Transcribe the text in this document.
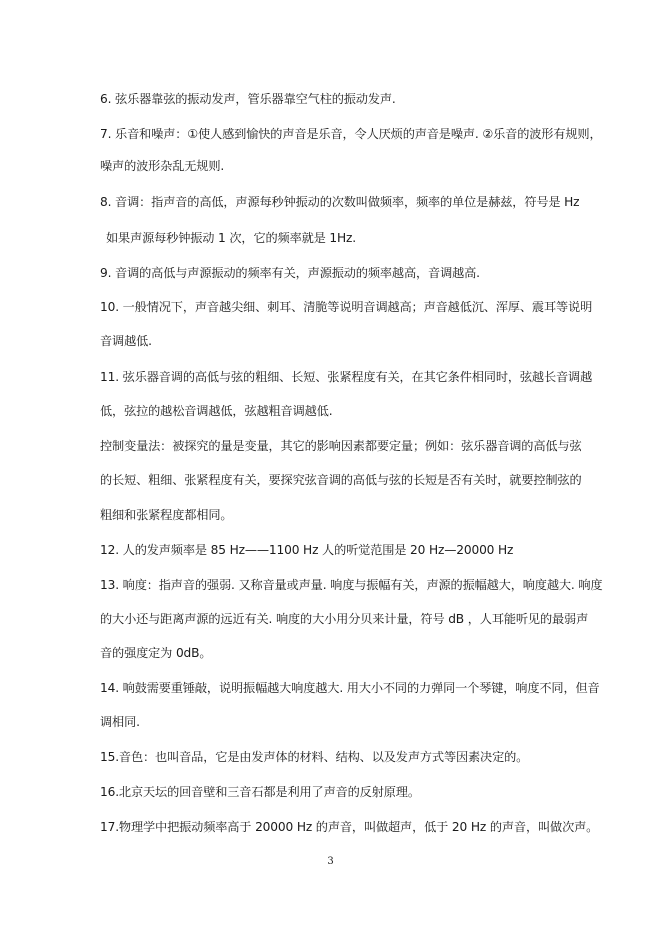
6. 弦乐器靠弦的振动发声，管乐器靠空气柱的振动发声.
7. 乐音和噪声：①使人感到愉快的声音是乐音，令人厌烦的声音是噪声. ②乐音的波形有规则，
噪声的波形杂乱无规则.
8. 音调：指声音的高低，声源每秒钟振动的次数叫做频率，频率的单位是赫兹，符号是 Hz
如果声源每秒钟振动 1 次，它的频率就是 1Hz.
9. 音调的高低与声源振动的频率有关，声源振动的频率越高，音调越高.
10. 一般情况下，声音越尖细、刺耳、清脆等说明音调越高；声音越低沉、浑厚、震耳等说明
音调越低.
11. 弦乐器音调的高低与弦的粗细、长短、张紧程度有关，在其它条件相同时，弦越长音调越
低，弦拉的越松音调越低，弦越粗音调越低.
控制变量法：被探究的量是变量，其它的影响因素都要定量；例如：弦乐器音调的高低与弦
的长短、粗细、张紧程度有关，要探究弦音调的高低与弦的长短是否有关时，就要控制弦的
粗细和张紧程度都相同。
12. 人的发声频率是 85 Hz——1100 Hz 人的听觉范围是 20 Hz—20000 Hz
13. 响度：指声音的强弱. 又称音量或声量. 响度与振幅有关，声源的振幅越大，响度越大. 响度
的大小还与距离声源的远近有关. 响度的大小用分贝来计量，符号 dB ，人耳能听见的最弱声
音的强度定为 0dB。
14. 响鼓需要重锤敲，说明振幅越大响度越大. 用大小不同的力弹同一个琴键，响度不同，但音
调相同.
15.音色：也叫音品，它是由发声体的材料、结构、以及发声方式等因素决定的。
16.北京天坛的回音壁和三音石都是利用了声音的反射原理。
17.物理学中把振动频率高于 20000 Hz 的声音，叫做超声，低于 20 Hz 的声音，叫做次声。
3
